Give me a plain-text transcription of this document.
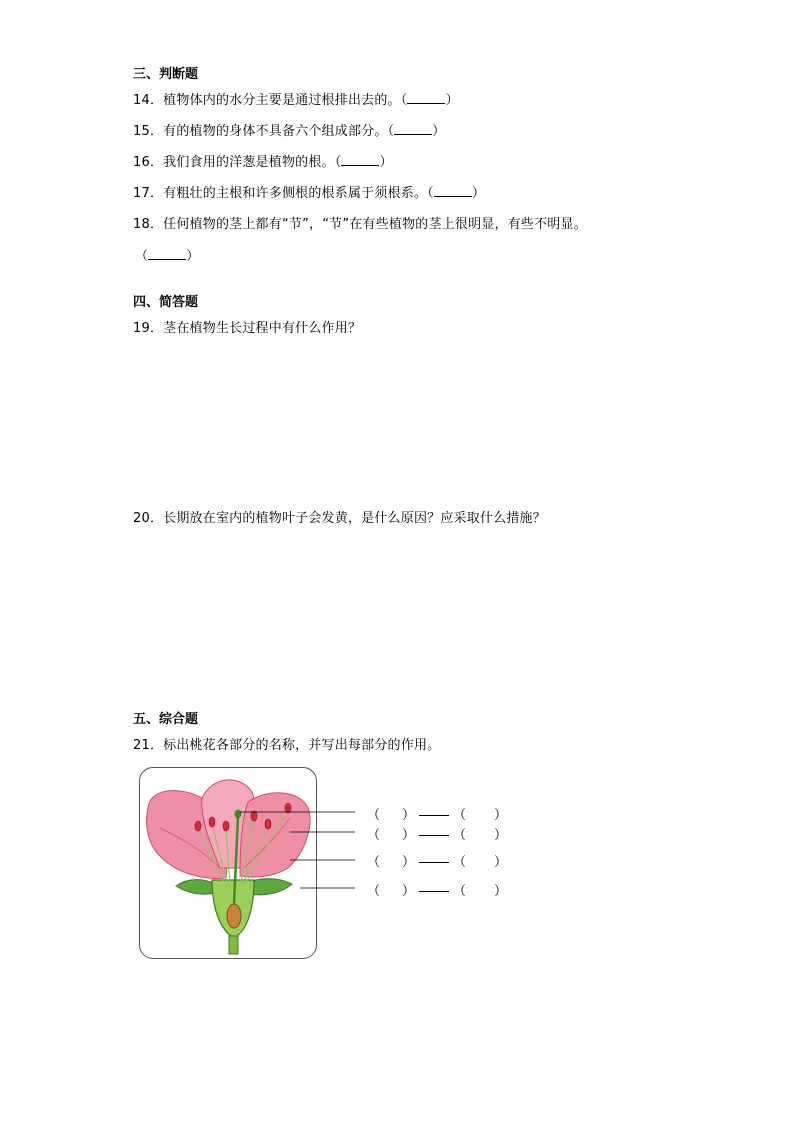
三、判断题
14．植物体内的水分主要是通过根排出去的。（	）
15．有的植物的身体不具备六个组成部分。（	）
16．我们食用的洋葱是植物的根。（	）
17．有粗壮的主根和许多侧根的根系属于须根系。（	）
18．任何植物的茎上都有“节”，“节”在有些植物的茎上很明显，有些不明显。
（	）
四、简答题
19．茎在植物生长过程中有什么作用？
20．长期放在室内的植物叶子会发黄，是什么原因？应采取什么措施？
五、综合题
21．标出桃花各部分的名称，并写出每部分的作用。
（ ）	（ ）
（ ）	（ ）
（ ）	（ ）
（ ）	（ ）
